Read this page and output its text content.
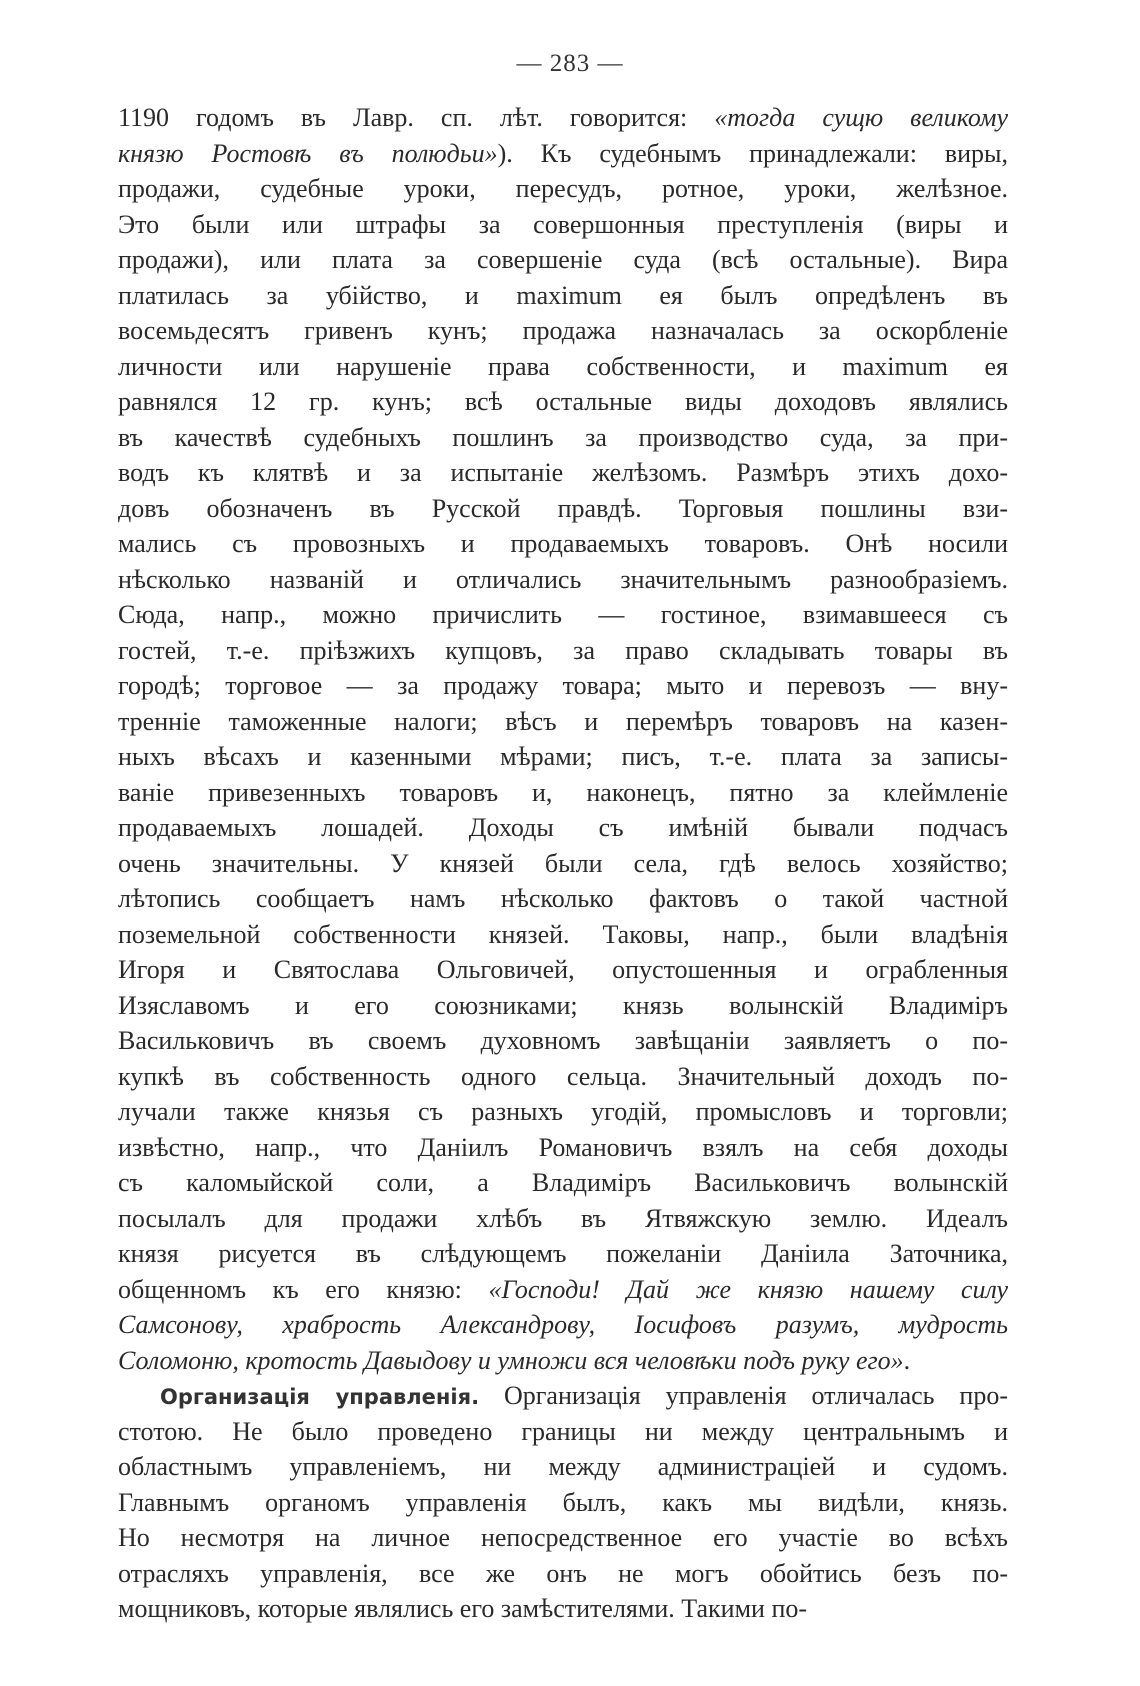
— 283 —
1190 годомъ въ Лавр. сп. лѣт. говорится: «тогда сущю великому
князю Ростовѣ въ полюдьи»). Къ судебнымъ принадлежали: виры,
продажи, судебные уроки, пересудъ, ротное, уроки, желѣзное.
Это были или штрафы за совершонныя преступленія (виры и
продажи), или плата за совершеніе суда (всѣ остальные). Вира
платилась за убійство, и maximum ея былъ опредѣленъ въ
восемьдесятъ гривенъ кунъ; продажа назначалась за оскорбленіе
личности или нарушеніе права собственности, и maximum ея
равнялся 12 гр. кунъ; всѣ остальные виды доходовъ являлись
въ качествѣ судебныхъ пошлинъ за производство суда, за при-
водъ къ клятвѣ и за испытаніе желѣзомъ. Размѣръ этихъ дохо-
довъ обозначенъ въ Русской правдѣ. Торговыя пошлины взи-
мались съ провозныхъ и продаваемыхъ товаровъ. Онѣ носили
нѣсколько названій и отличались значительнымъ разнообразіемъ.
Сюда, напр., можно причислить — гостиное, взимавшееся съ
гостей, т.-е. пріѣзжихъ купцовъ, за право складывать товары въ
городѣ; торговое — за продажу товара; мыто и перевозъ — вну-
тренніе таможенные налоги; вѣсъ и перемѣръ товаровъ на казен-
ныхъ вѣсахъ и казенными мѣрами; писъ, т.-е. плата за записы-
ваніе привезенныхъ товаровъ и, наконецъ, пятно за клеймленіе
продаваемыхъ лошадей. Доходы съ имѣній бывали подчасъ
очень значительны. У князей были села, гдѣ велось хозяйство;
лѣтопись сообщаетъ намъ нѣсколько фактовъ о такой частной
поземельной собственности князей. Таковы, напр., были владѣнія
Игоря и Святослава Ольговичей, опустошенныя и ограбленныя
Изяславомъ и его союзниками; князь волынскій Владиміръ
Васильковичъ въ своемъ духовномъ завѣщаніи заявляетъ о по-
купкѣ въ собственность одного сельца. Значительный доходъ по-
лучали также князья съ разныхъ угодій, промысловъ и торговли;
извѣстно, напр., что Даніилъ Романовичъ взялъ на себя доходы
съ каломыйской соли, а Владиміръ Васильковичъ волынскій
посылалъ для продажи хлѣбъ въ Ятвяжскую землю. Идеалъ
князя рисуется въ слѣдующемъ пожеланіи Даніила Заточника,
общенномъ къ его князю: «Господи! Дай же князю нашему силу
Самсонову, храбрость Александрову, Іосифовъ разумъ, мудрость
Соломоню, кротость Давыдову и умножи вся человѣки подъ руку его».
Организація управленія. Организація управленія отличалась про-
стотою. Не было проведено границы ни между центральнымъ и
областнымъ управленіемъ, ни между администраціей и судомъ.
Главнымъ органомъ управленія былъ, какъ мы видѣли, князь.
Но несмотря на личное непосредственное его участіе во всѣхъ
отрасляхъ управленія, все же онъ не могъ обойтись безъ по-
мощниковъ, которые являлись его замѣстителями. Такими по-
